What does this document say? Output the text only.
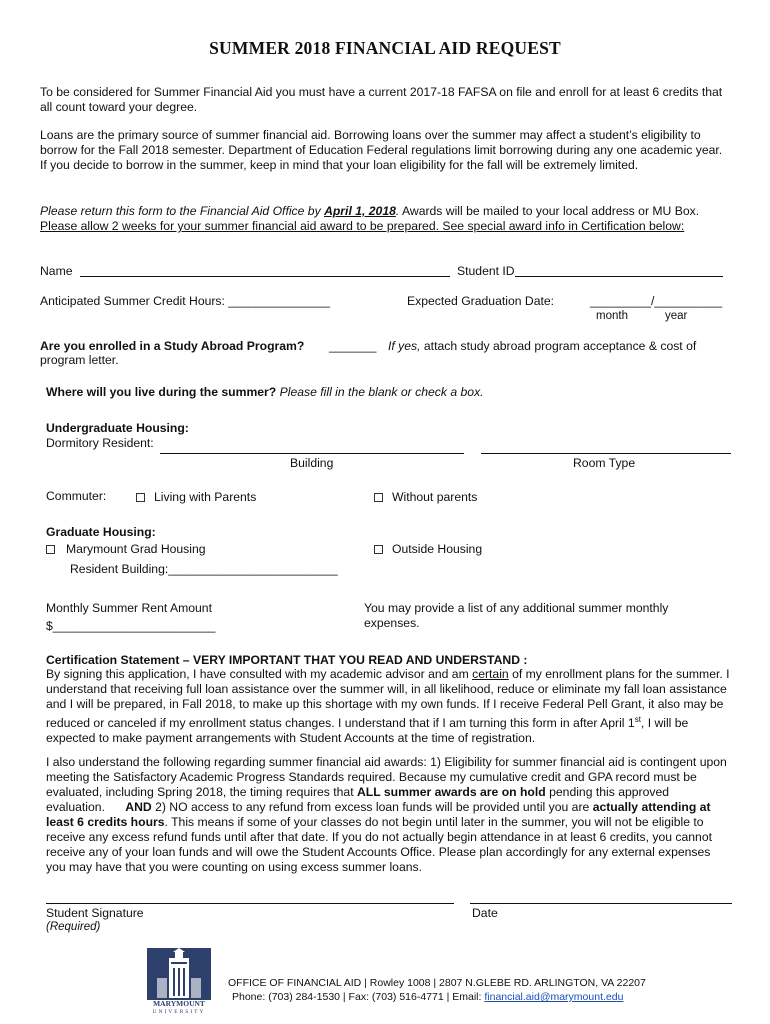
SUMMER 2018 FINANCIAL AID REQUEST
To be considered for Summer Financial Aid you must have a current 2017-18 FAFSA on file and enroll for at least 6 credits that all count toward your degree.
Loans are the primary source of summer financial aid. Borrowing loans over the summer may affect a student’s eligibility to borrow for the Fall 2018 semester. Department of Education Federal regulations limit borrowing during any one academic year. If you decide to borrow in the summer, keep in mind that your loan eligibility for the fall will be extremely limited.
Please return this form to the Financial Aid Office by April 1, 2018. Awards will be mailed to your local address or MU Box.
Please allow 2 weeks for your summer financial aid award to be prepared. See special award info in Certification below:
Name	Student ID
Anticipated Summer Credit Hours: _______________	Expected Graduation Date:	_________/__________
month	year
Are you enrolled in a Study Abroad Program? _______ If yes, attach study abroad program acceptance & cost of
program letter.
Where will you live during the summer? Please fill in the blank or check a box.
Undergraduate Housing:
Dormitory Resident:
Building	Room Type
Commuter:	Living with Parents	Without parents
Graduate Housing:
Marymount Grad Housing	Outside Housing
Resident Building:_________________________
Monthly Summer Rent Amount
$________________________
You may provide a list of any additional summer monthly expenses.
Certification Statement – VERY IMPORTANT THAT YOU READ AND UNDERSTAND :
By signing this application, I have consulted with my academic advisor and am certain of my enrollment plans for the summer. I understand that receiving full loan assistance over the summer will, in all likelihood, reduce or eliminate my fall loan assistance and I will be prepared, in Fall 2018, to make up this shortage with my own funds. If I receive Federal Pell Grant, it also may be reduced or canceled if my enrollment status changes. I understand that if I am turning this form in after April 1st, I will be expected to make payment arrangements with Student Accounts at the time of registration.
I also understand the following regarding summer financial aid awards: 1) Eligibility for summer financial aid is contingent upon meeting the Satisfactory Academic Progress Standards required. Because my cumulative credit and GPA record must be evaluated, including Spring 2018, the timing requires that ALL summer awards are on hold pending this approved evaluation.      AND 2) NO access to any refund from excess loan funds will be provided until you are actually attending at least 6 credits hours. This means if some of your classes do not begin until later in the summer, you will not be eligible to receive any excess refund funds until after that date. If you do not actually begin attendance in at least 6 credits, you cannot receive any of your loan funds and will owe the Student Accounts Office. Please plan accordingly for any external expenses you may have that you were counting on using excess summer loans.
Student Signature
(Required)
Date
MARYMOUNT
UNIVERSITY
OFFICE OF FINANCIAL AID | Rowley 1008 | 2807 N.GLEBE RD. ARLINGTON, VA 22207
Phone: (703) 284-1530 | Fax: (703) 516-4771 | Email: financial.aid@marymount.edu
